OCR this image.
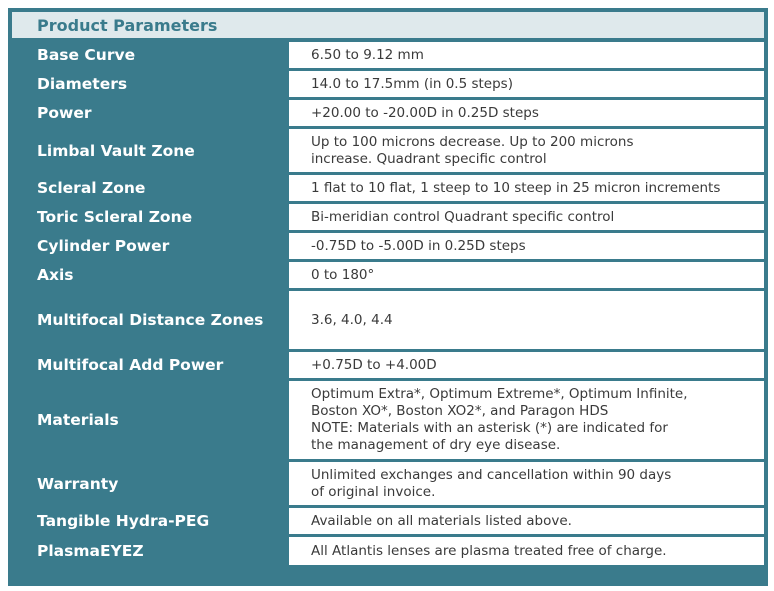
Product Parameters
Base Curve	6.50 to 9.12 mm

Diameters	14.0 to 17.5mm (in 0.5 steps)

Power	+20.00 to -20.00D in 0.25D steps

Limbal Vault Zone	Up to 100 microns decrease. Up to 200 microns
increase. Quadrant specific control

Scleral Zone	1 flat to 10 flat, 1 steep to 10 steep in 25 micron increments

Toric Scleral Zone	Bi-meridian control Quadrant specific control

Cylinder Power	-0.75D to -5.00D in 0.25D steps

Axis	0 to 180°

Multifocal Distance Zones	3.6, 4.0, 4.4

Multifocal Add Power	+0.75D to +4.00D

Materials	Optimum Extra*, Optimum Extreme*, Optimum Infinite,
Boston XO*, Boston XO2*, and Paragon HDS
NOTE: Materials with an asterisk (*) are indicated for
the management of dry eye disease.

Warranty	Unlimited exchanges and cancellation within 90 days
of original invoice.

Tangible Hydra-PEG	Available on all materials listed above.

PlasmaEYEZ	All Atlantis lenses are plasma treated free of charge.
